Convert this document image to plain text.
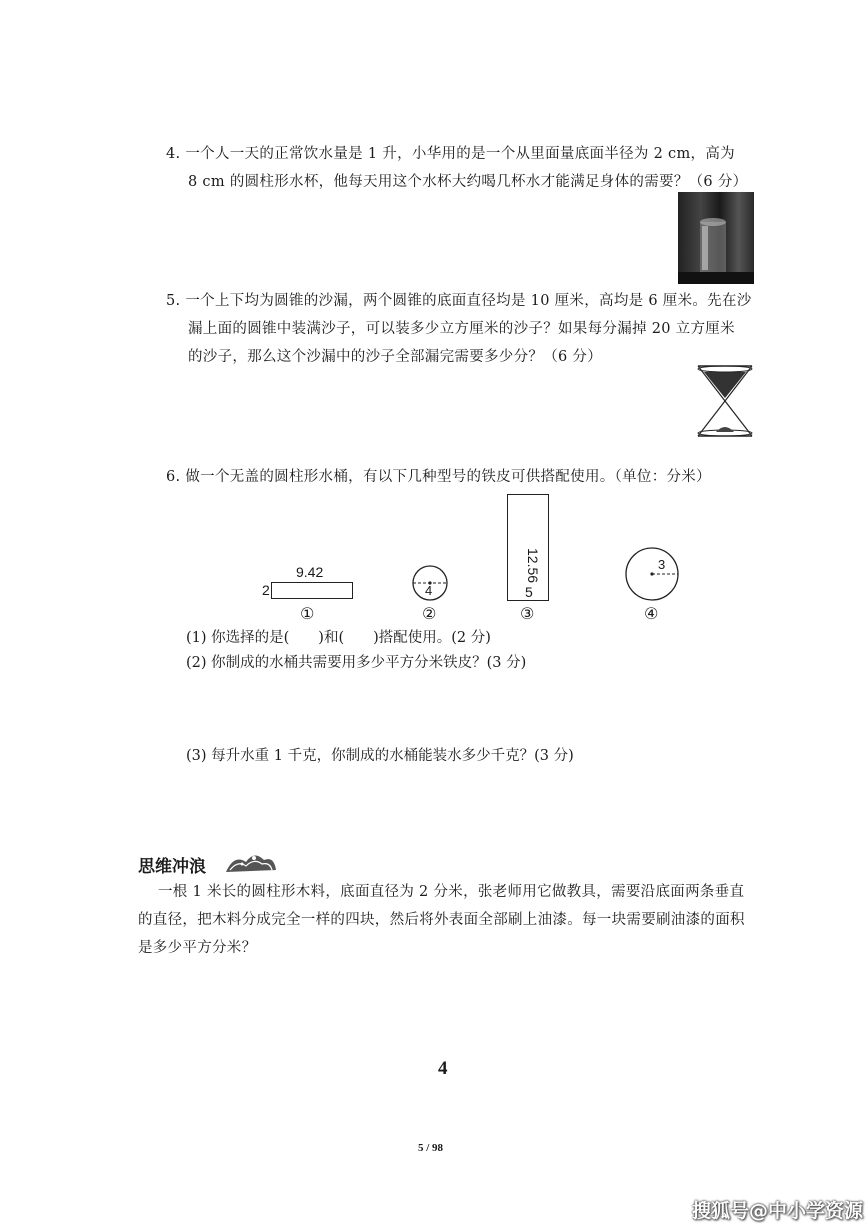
4. 一个人一天的正常饮水量是 1 升，小华用的是一个从里面量底面半径为 2 cm，高为
8 cm 的圆柱形水杯，他每天用这个水杯大约喝几杯水才能满足身体的需要？（6 分）
5. 一个上下均为圆锥的沙漏，两个圆锥的底面直径均是 10 厘米，高均是 6 厘米。先在沙
漏上面的圆锥中装满沙子，可以装多少立方厘米的沙子？如果每分漏掉 20 立方厘米
的沙子，那么这个沙漏中的沙子全部漏完需要多少分？（6 分）
6. 做一个无盖的圆柱形水桶，有以下几种型号的铁皮可供搭配使用。（单位：分米）
9.42
2
①
4
②
5
12.56
③
3
④
(1) 你选择的是(　　)和(　　)搭配使用。(2 分)
(2) 你制成的水桶共需要用多少平方分米铁皮？(3 分)
(3) 每升水重 1 千克，你制成的水桶能装水多少千克？(3 分)
思维冲浪
一根 1 米长的圆柱形木料，底面直径为 2 分米，张老师用它做教具，需要沿底面两条垂直
的直径，把木料分成完全一样的四块，然后将外表面全部刷上油漆。每一块需要刷油漆的面积
是多少平方分米？
4
5 / 98
搜狐号@中小学资源
